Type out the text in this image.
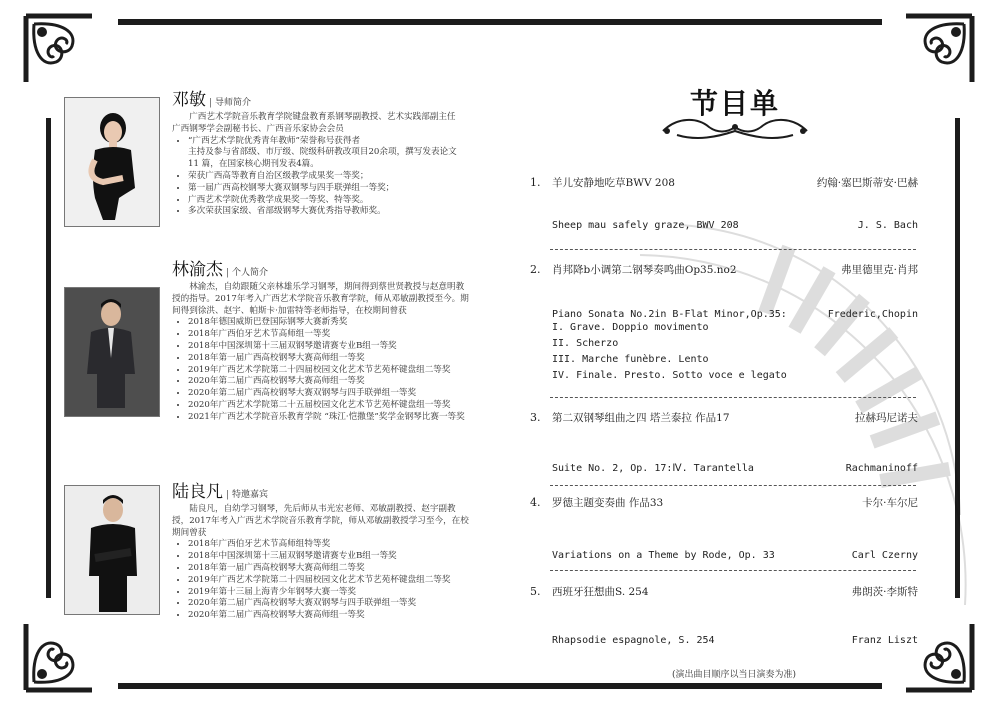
邓敏 | 导师简介

广西艺术学院音乐教育学院键盘教育系钢琴副教授、艺术实践部副主任

广西钢琴学会副秘书长、广西音乐家协会会员

• “广西艺术学院优秀青年教师”荣誉称号获得者
主持及参与省部级、市厅级、院级科研教改项目20余项，撰写发表论文11 篇，在国家核心期刊发表4篇。
• 荣获广西高等教育自治区级教学成果奖一等奖；
• 第一届广西高校钢琴大赛双钢琴与四手联弹组一等奖；
• 广西艺术学院优秀教学成果奖一等奖、特等奖。
• 多次荣获国家级、省部级钢琴大赛优秀指导教师奖。
林渝杰 | 个人简介

林渝杰，自幼跟随父亲林雄乐学习钢琴，期间得到蔡世贤教授与赵意明教授的指导。2017年考入广西艺术学院音乐教育学院，师从邓敏副教授至今。期间得到徐洪、赵宇、帕斯卡·加雷特等老师指导，在校期间曾获

• 2018年德国威斯巴登国际钢琴大赛新秀奖
• 2018年广西伯牙艺术节高师组一等奖
• 2018年中国深圳第十三届双钢琴邀请赛专业B组一等奖
• 2018年第一届广西高校钢琴大赛高师组一等奖
• 2019年广西艺术学院第二十四届校园文化艺术节艺苑杯键盘组二等奖
• 2020年第二届广西高校钢琴大赛高师组一等奖
• 2020年第二届广西高校钢琴大赛双钢琴与四手联弹组一等奖
• 2020年广西艺术学院第二十五届校园文化艺术节艺苑杯键盘组一等奖
• 2021年广西艺术学院音乐教育学院 “珠江·恺撒堡”奖学金钢琴比赛一等奖
陆良凡 | 特邀嘉宾

陆良凡，自幼学习钢琴，先后师从韦光宏老师、邓敏副教授、赵宇副教授，2017年考入广西艺术学院音乐教育学院，师从邓敏副教授学习至今，在校期间曾获

• 2018年广西伯牙艺术节高师组特等奖
• 2018年中国深圳第十三届双钢琴邀请赛专业B组一等奖
• 2018年第一届广西高校钢琴大赛高师组二等奖
• 2019年广西艺术学院第二十四届校园文化艺术节艺苑杯键盘组二等奖
• 2019年第十三届上海青少年钢琴大赛一等奖
• 2020年第二届广西高校钢琴大赛双钢琴与四手联弹组一等奖
• 2020年第二届广西高校钢琴大赛高师组一等奖
节目单
1. 羊儿安静地吃草BWV 208	约翰·塞巴斯蒂安·巴赫
Sheep mau safely graze, BWV 208	J. S. Bach
2. 肖邦降b小调第二钢琴奏鸣曲Op35.no2	弗里德里克·肖邦
Piano Sonata No.2in B-Flat Minor,Op.35:	Frederic,Chopin
I. Grave. Doppio movimento
II. Scherzo
III. Marche funèbre. Lento
IV. Finale. Presto. Sotto voce e legato
3. 第二双钢琴组曲之四 塔兰泰拉 作品17	拉赫玛尼诺夫
Suite No. 2, Op. 17:Ⅳ. Tarantella	Rachmaninoff
4. 罗德主题变奏曲 作品33	卡尔·车尔尼
Variations on a Theme by Rode, Op. 33	Carl Czerny
5. 西班牙狂想曲S. 254	弗朗茨·李斯特
Rhapsodie espagnole, S. 254	Franz Liszt
(演出曲目顺序以当日演奏为准)
